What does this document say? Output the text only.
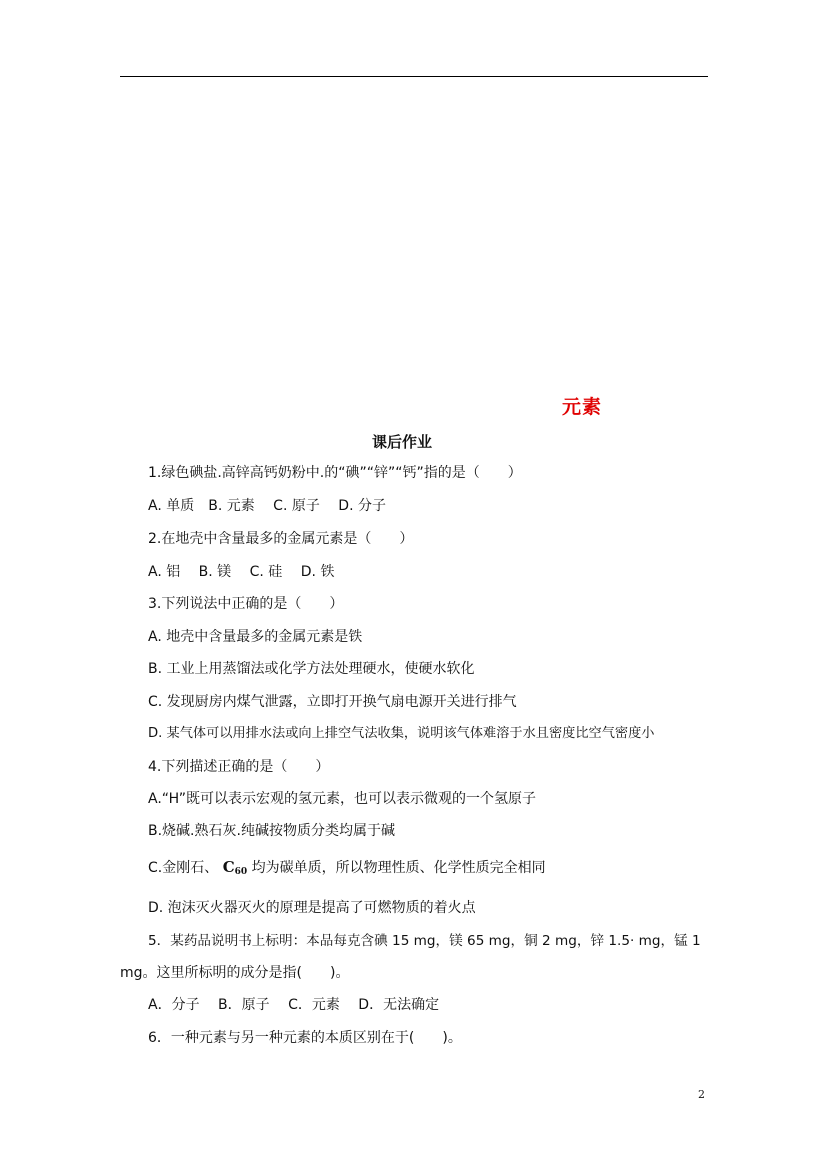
元素
课后作业
1.绿色碘盐.高锌高钙奶粉中.的“碘”“锌”“钙”指的是（　　）
A. 单质　B. 元素　 C. 原子　 D. 分子
2.在地壳中含量最多的金属元素是（　　）
A. 铝　 B. 镁　 C. 硅　 D. 铁
3.下列说法中正确的是（　　）
A. 地壳中含量最多的金属元素是铁
B. 工业上用蒸馏法或化学方法处理硬水，使硬水软化
C. 发现厨房内煤气泄露，立即打开换气扇电源开关进行排气
D. 某气体可以用排水法或向上排空气法收集，说明该气体难溶于水且密度比空气密度小
4.下列描述正确的是（　　）
A.“H”既可以表示宏观的氢元素，也可以表示微观的一个氢原子
B.烧碱.熟石灰.纯碱按物质分类均属于碱
C.金刚石、 $C_{60}$ 均为碳单质，所以物理性质、化学性质完全相同
D. 泡沫灭火器灭火的原理是提高了可燃物质的着火点
5．某药品说明书上标明：本品每克含碘 15 mg，镁 65 mg，铜 2 mg，锌 1.5· mg，锰 1
mg。这里所标明的成分是指(　　)。
A．分子　 B．原子　 C．元素　 D．无法确定
6．一种元素与另一种元素的本质区别在于(　　)。
2
